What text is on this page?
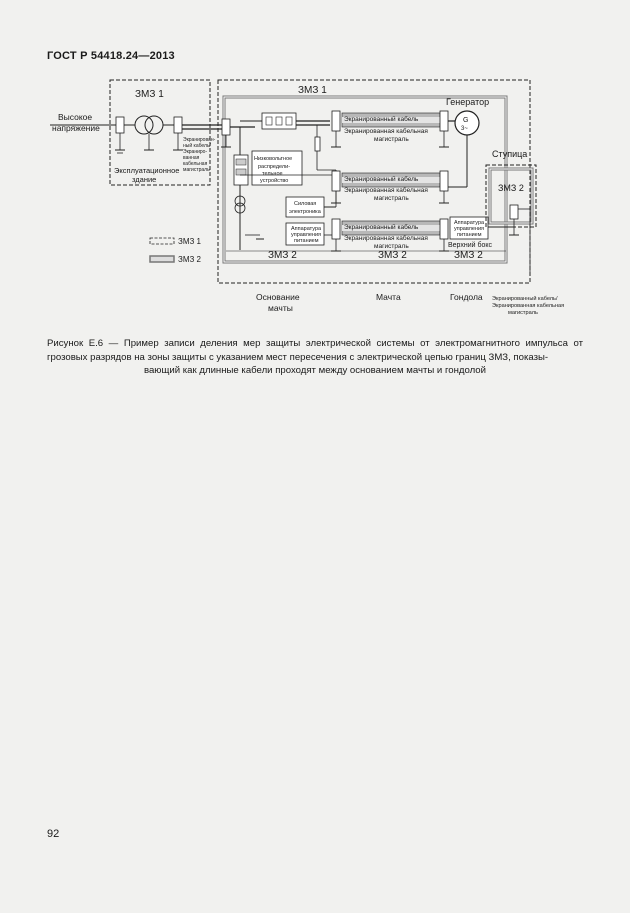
ГОСТ Р 54418.24—2013
ЗМЗ 1
Высокое
напряжение
Эксплуатационное
здание
Экранирован-
ный кабель/
Экраниро-
ванная
кабельная
магистраль
ЗМЗ 1
Низковольтное
распредели-
тельное
устройство
Силовая
электроника
Аппаратура
управления
питанием
Экранированный кабель
Экранированная кабельная
магистраль
Генератор
G
3~
Экранированный кабель
Экранированная кабельная
магистраль
Экранированный кабель
Экранированная кабельная
магистраль
Аппаратура
управления
питанием
Верхний бокс
ЗМЗ 2	ЗМЗ 2	ЗМЗ 2
Ступица
ЗМЗ 2
ЗМЗ 1
ЗМЗ 2
Основание
мачты
Мачта	Гондола Экранированный кабель/
Экранированная кабельная
магистраль
Рисунок Е.6 — Пример записи деления мер защиты электрической системы от электромагнитного импульса от грозовых разрядов на зоны защиты с указанием мест пересечения с электрической цепью границ ЗМЗ, показы-
вающий как длинные кабели проходят между основанием мачты и гондолой
92
